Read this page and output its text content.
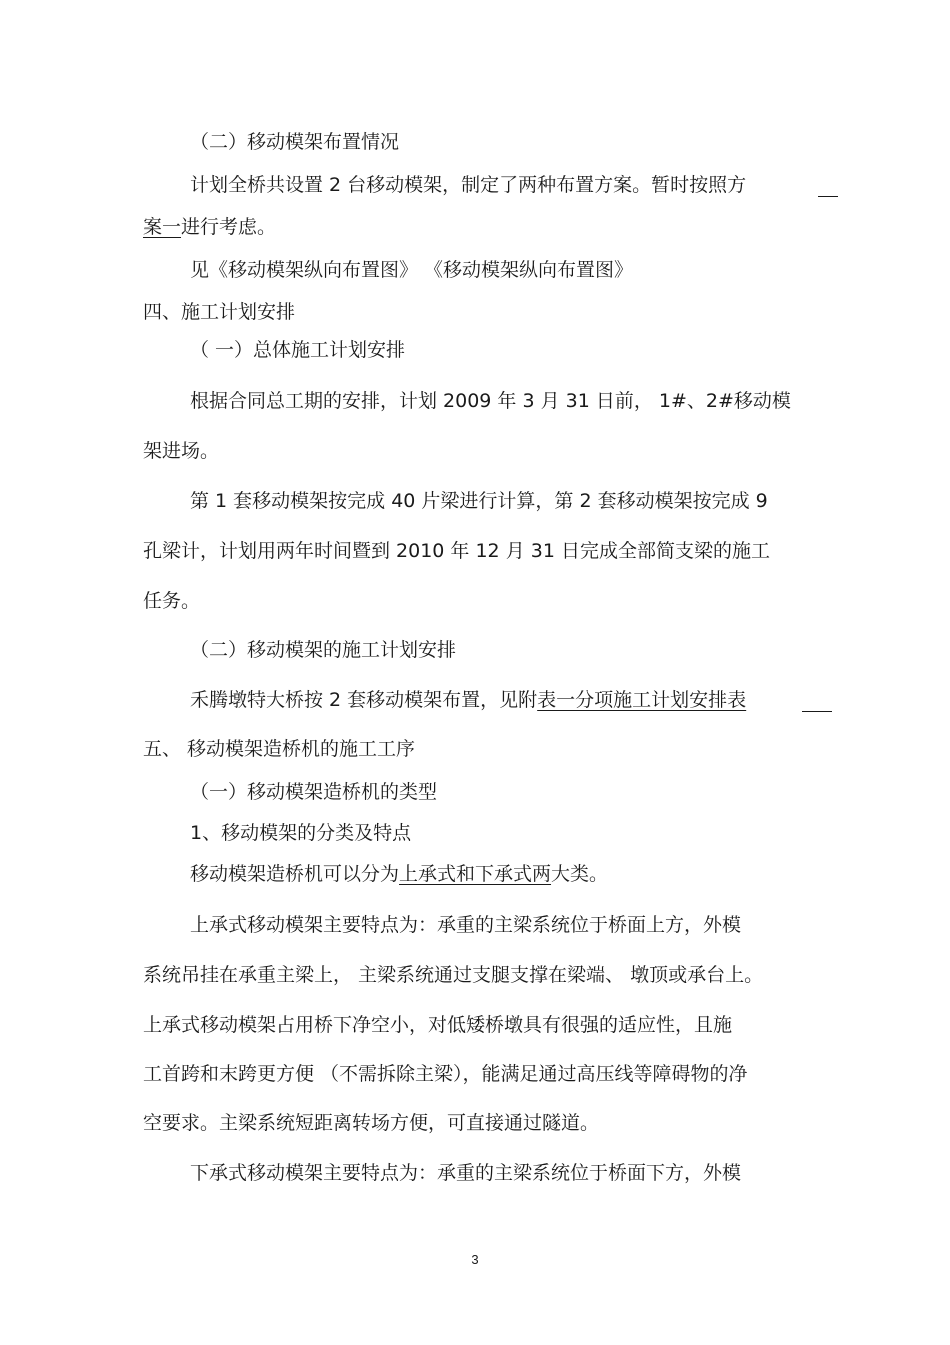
（二）移动模架布置情况

计划全桥共设置 2 台移动模架，制定了两种布置方案。暂时按照方

案一进行考虑。

见《移动模架纵向布置图》 《移动模架纵向布置图》

四、施工计划安排

（ 一）总体施工计划安排

根据合同总工期的安排，计划 2009 年 3 月 31 日前， 1#、2#移动模

架进场。

第 1 套移动模架按完成 40 片梁进行计算，第 2 套移动模架按完成 9

孔梁计，计划用两年时间暨到 2010 年 12 月 31 日完成全部简支梁的施工

任务。

（二）移动模架的施工计划安排

禾腾墩特大桥按 2 套移动模架布置，见附表一分项施工计划安排表

五、 移动模架造桥机的施工工序

（一）移动模架造桥机的类型

1、移动模架的分类及特点

移动模架造桥机可以分为上承式和下承式两大类。

上承式移动模架主要特点为：承重的主梁系统位于桥面上方，外模

系统吊挂在承重主梁上， 主梁系统通过支腿支撑在梁端、 墩顶或承台上。

上承式移动模架占用桥下净空小，对低矮桥墩具有很强的适应性，且施

工首跨和末跨更方便 （不需拆除主梁），能满足通过高压线等障碍物的净

空要求。主梁系统短距离转场方便，可直接通过隧道。

下承式移动模架主要特点为：承重的主梁系统位于桥面下方，外模

3
